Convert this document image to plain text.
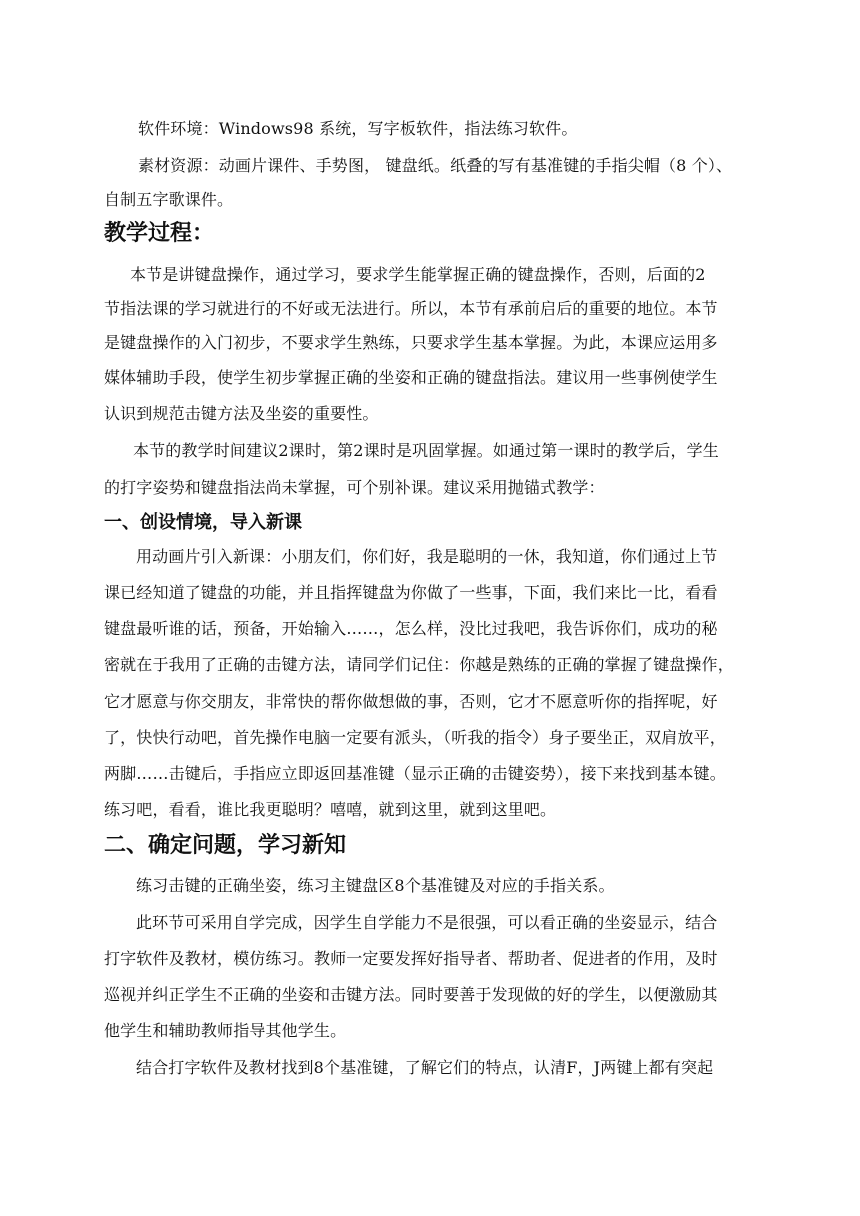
软件环境：Windows98 系统，写字板软件，指法练习软件。
素材资源：动画片课件、手势图， 键盘纸。纸叠的写有基准键的手指尖帽（8 个）、
自制五字歌课件。
教学过程：
本节是讲键盘操作，通过学习，要求学生能掌握正确的键盘操作，否则，后面的2
节指法课的学习就进行的不好或无法进行。所以，本节有承前启后的重要的地位。本节
是键盘操作的入门初步，不要求学生熟练，只要求学生基本掌握。为此，本课应运用多
媒体辅助手段，使学生初步掌握正确的坐姿和正确的键盘指法。建议用一些事例使学生
认识到规范击键方法及坐姿的重要性。
本节的教学时间建议2课时，第2课时是巩固掌握。如通过第一课时的教学后，学生
的打字姿势和键盘指法尚未掌握，可个别补课。建议采用抛锚式教学：
一、创设情境，导入新课
用动画片引入新课：小朋友们，你们好，我是聪明的一休，我知道，你们通过上节
课已经知道了键盘的功能，并且指挥键盘为你做了一些事，下面，我们来比一比，看看
键盘最听谁的话，预备，开始输入……，怎么样，没比过我吧，我告诉你们，成功的秘
密就在于我用了正确的击键方法，请同学们记住：你越是熟练的正确的掌握了键盘操作，
它才愿意与你交朋友，非常快的帮你做想做的事，否则，它才不愿意听你的指挥呢，好
了，快快行动吧，首先操作电脑一定要有派头，（听我的指令）身子要坐正，双肩放平，
两脚……击键后，手指应立即返回基准键（显示正确的击键姿势），接下来找到基本键。
练习吧，看看，谁比我更聪明？嘻嘻，就到这里，就到这里吧。
二、确定问题，学习新知
练习击键的正确坐姿，练习主键盘区8个基准键及对应的手指关系。
此环节可采用自学完成，因学生自学能力不是很强，可以看正确的坐姿显示，结合
打字软件及教材，模仿练习。教师一定要发挥好指导者、帮助者、促进者的作用，及时
巡视并纠正学生不正确的坐姿和击键方法。同时要善于发现做的好的学生，以便激励其
他学生和辅助教师指导其他学生。
结合打字软件及教材找到8个基准键，了解它们的特点，认清F，J两键上都有突起
